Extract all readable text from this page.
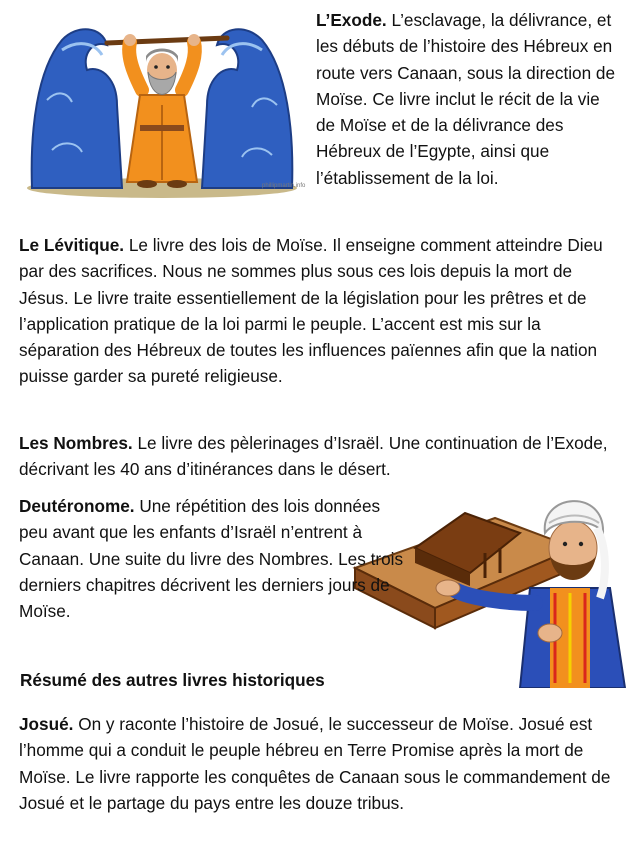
phillipmartin.info

L’Exode. L’esclavage, la délivrance, et les débuts de l’histoire des Hébreux en route vers Canaan, sous la direction de Moïse. Ce livre inclut le récit de la vie de Moïse et de la délivrance des Hébreux de l’Egypte, ainsi que l’établissement de la loi.

Le Lévitique. Le livre des lois de Moïse. Il enseigne comment atteindre Dieu par des sacrifices. Nous ne sommes plus sous ces lois depuis la mort de Jésus. Le livre traite essentiellement de la législation pour les prêtres et de l’application pratique de la loi parmi le peuple. L’accent est mis sur la séparation des Hébreux de toutes les influences païennes afin que la nation puisse garder sa pureté religieuse.

Les Nombres. Le livre des pèlerinages d’Israël. Une continuation de l’Exode, décrivant les 40 ans d’itinérances dans le désert.

Deutéronome. Une répétition des lois données peu avant que les enfants d’Israël n’entrent à Canaan. Une suite du livre des Nombres. Les trois derniers chapitres décrivent les derniers jours de Moïse.

Résumé des autres livres historiques

Josué. On y raconte l’histoire de Josué, le successeur de Moïse. Josué est l’homme qui a conduit le peuple hébreu en Terre Promise après la mort de Moïse. Le livre rapporte les conquêtes de Canaan sous le commandement de Josué et le partage du pays entre les douze tribus.
